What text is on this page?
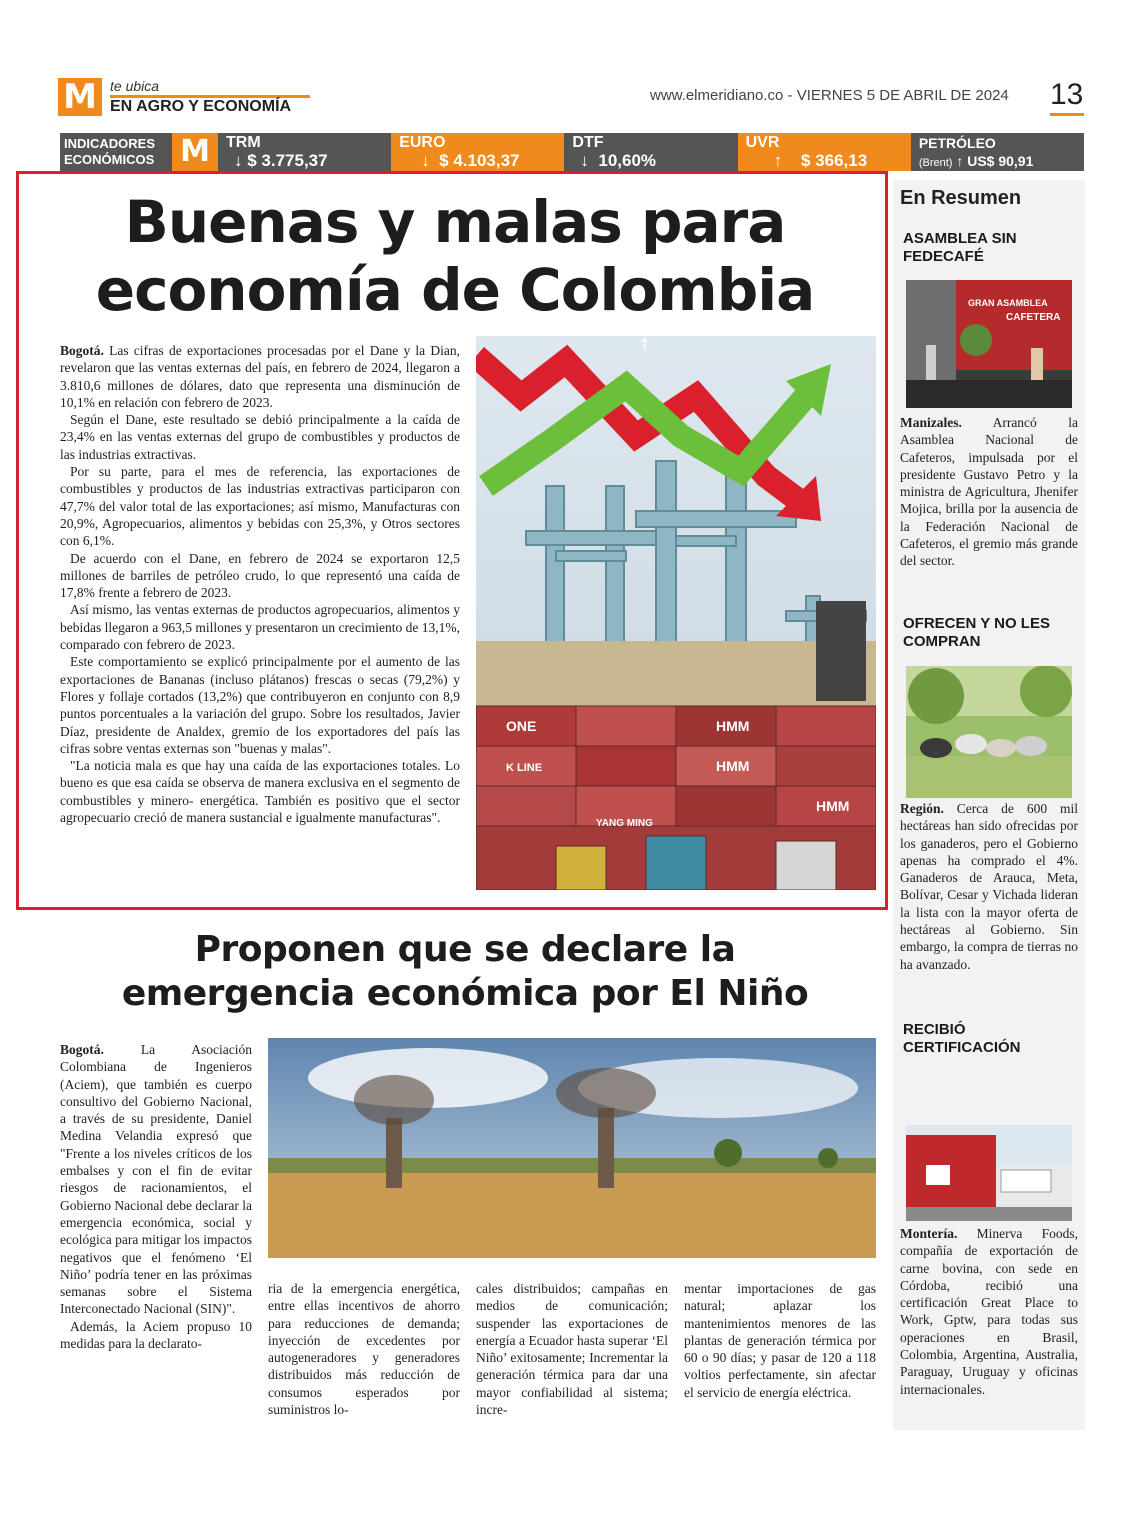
M te ubica
EN AGRO Y ECONOMÍA
www.elmeridiano.co - VIERNES 5 DE ABRIL DE 2024 13
INDICADORES
ECONÓMICOS M	TRM
↓ $ 3.775,37
EURO
↓ $ 4.103,37
DTF
↓ 10,60%
UVR
↑ $ 366,13
PETRÓLEO
(Brent) ↑ US$ 90,91
Buenas y malas para
economía de Colombia

Bogotá. Las cifras de exportaciones procesadas por el Dane y la Dian, revelaron que las ventas externas del país, en febrero de 2024, llegaron a 3.810,6 millones de dólares, dato que representa una disminución de 10,1% en relación con febrero de 2023.

Según el Dane, este resultado se debió principalmente a la caída de 23,4% en las ventas externas del grupo de combustibles y productos de las industrias extractivas.

Por su parte, para el mes de referencia, las exportaciones de combustibles y productos de las industrias extractivas participaron con 47,7% del valor total de las exportaciones; así mismo, Manufacturas con 20,9%, Agropecuarios, alimentos y bebidas con 25,3%, y Otros sectores con 6,1%.

De acuerdo con el Dane, en febrero de 2024 se exportaron 12,5 millones de barriles de petróleo crudo, lo que representó una caída de 17,8% frente a febrero de 2023.

Así mismo, las ventas externas de productos agropecuarios, alimentos y bebidas llegaron a 963,5 millones y presentaron un crecimiento de 13,1%, comparado con febrero de 2023.

Este comportamiento se explicó principalmente por el aumento de las exportaciones de Bananas (incluso plátanos) frescas o secas (79,2%) y Flores y follaje cortados (13,2%) que contribuyeron en conjunto con 8,9 puntos porcentuales a la variación del grupo. Sobre los resultados, Javier Díaz, presidente de Analdex, gremio de los exportadores del país las cifras sobre ventas externas son "buenas y malas".

"La noticia mala es que hay una caída de las exportaciones totales. Lo bueno es que esa caída se observa de manera exclusiva en el segmento de combustibles y minero- energética. También es positivo que el sector agropecuario creció de manera sustancial e igualmente manufacturas".

ONE
K LINE
HMM
HMM
HMM
YANG MING
↑
En Resumen
ASAMBLEA SIN FEDECAFÉ
GRAN ASAMBLEA
CAFETERA
Manizales. Arrancó la Asamblea Nacional de Cafeteros, impulsada por el presidente Gustavo Petro y la ministra de Agricultura, Jhenifer Mojica, brilla por la ausencia de la Federación Nacional de Cafeteros, el gremio más grande del sector.
OFRECEN Y NO LES COMPRAN
Región. Cerca de 600 mil hectáreas han sido ofrecidas por los ganaderos, pero el Gobierno apenas ha comprado el 4%. Ganaderos de Arauca, Meta, Bolívar, Cesar y Vichada lideran la lista con la mayor oferta de hectáreas al Gobierno. Sin embargo, la compra de tierras no ha avanzado.
RECIBIÓ CERTIFICACIÓN
Montería. Minerva Foods, compañía de exportación de carne bovina, con sede en Córdoba, recibió una certificación Great Place to Work, Gptw, para todas sus operaciones en Brasil, Colombia, Argentina, Australia, Paraguay, Uruguay y oficinas internacionales.
Proponen que se declare la
emergencia económica por El Niño

Bogotá.	La Asociación Colombiana de Ingenieros (Aciem), que también es cuerpo consultivo del Gobierno Nacional, a través de su presidente, Daniel Medina Velandia expresó que "Frente a los niveles críticos de los embalses y con el fin de evitar riesgos de racionamientos, el Gobierno Nacional debe declarar la emergencia económica, social y ecológica para mitigar los impactos negativos que el fenómeno ‘El Niño’ podría tener en las próximas semanas sobre el Sistema Interconectado Nacional (SIN)".

Además, la Aciem propuso 10 medidas para la declarato-

ria de la emergencia energética, entre ellas incentivos de ahorro para reducciones de demanda; inyección de excedentes por autogeneradores y generadores distribuidos más reducción de consumos esperados por suministros lo-

cales distribuidos; campañas en medios de comunicación; suspender las exportaciones de energía a Ecuador hasta superar ‘El Niño’ exitosamente; Incrementar la generación térmica para dar una mayor confiabilidad al sistema; incre-

mentar importaciones de gas natural; aplazar los mantenimientos menores de las plantas de generación térmica por 60 o 90 días; y pasar de 120 a 118 voltios perfectamente, sin afectar el servicio de energía eléctrica.
